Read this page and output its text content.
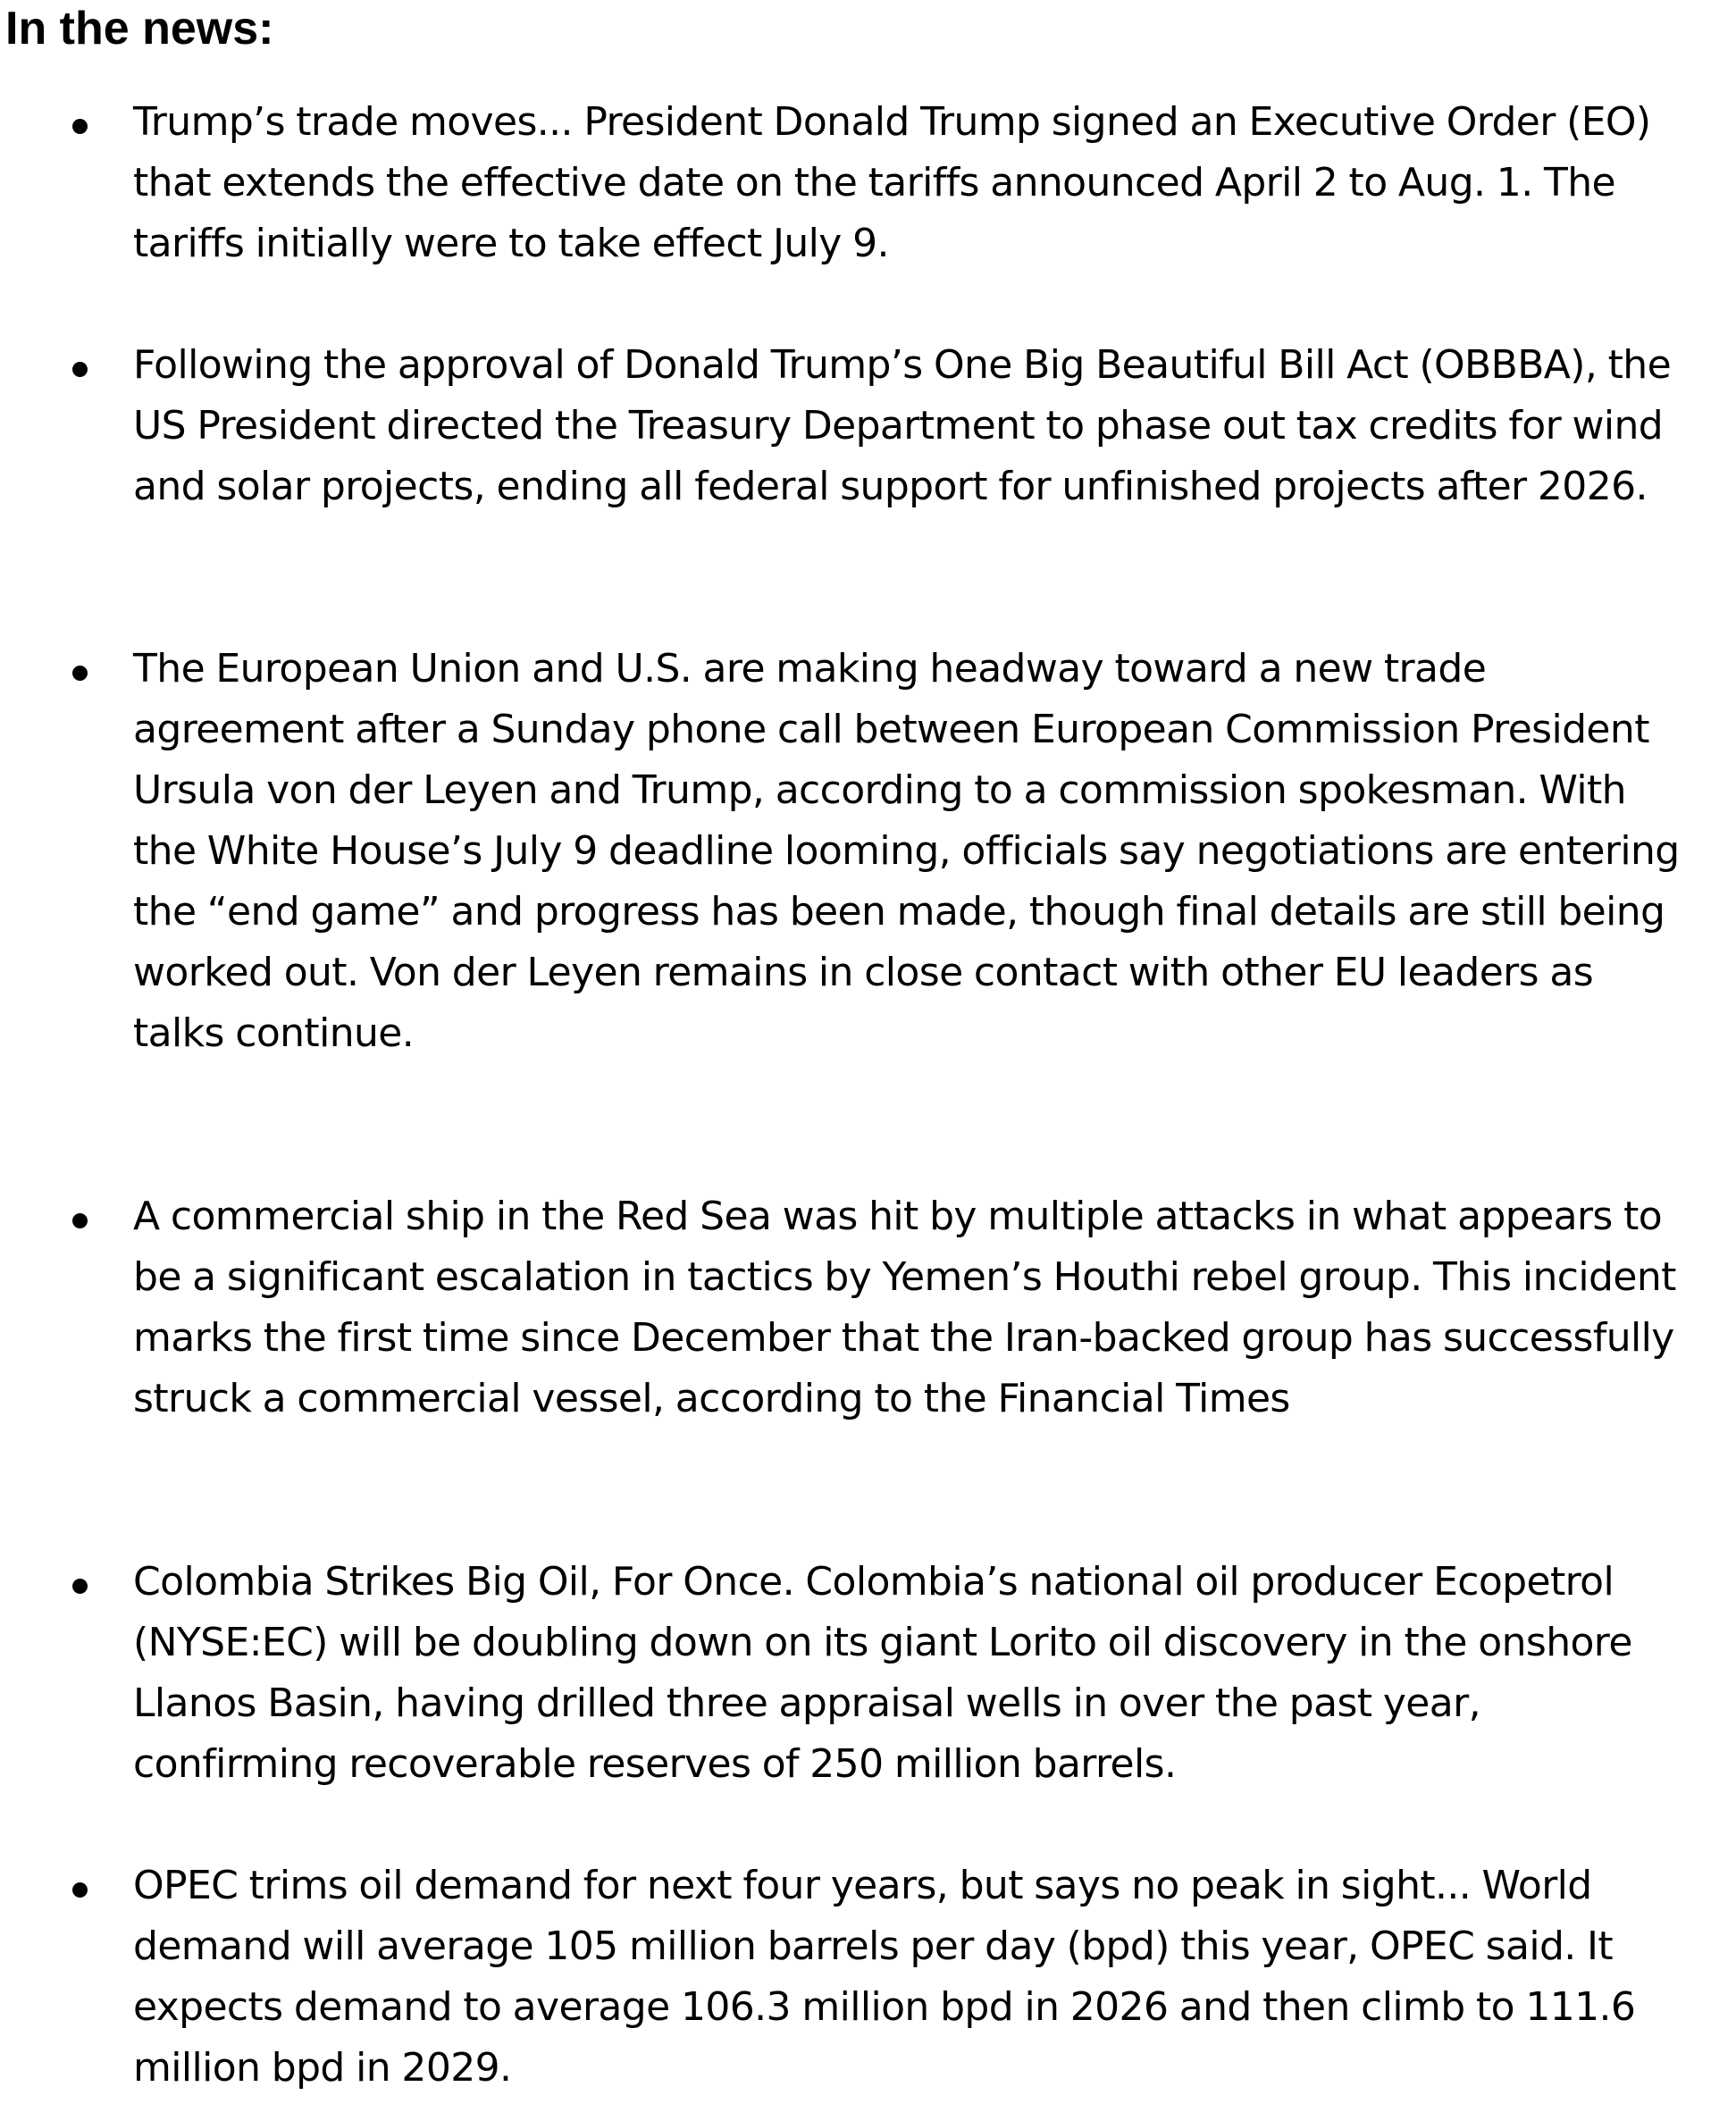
In the news:

Trump’s trade moves... President Donald Trump signed an Executive Order (EO) that extends the effective date on the tariffs announced April 2 to Aug. 1. The tariffs initially were to take effect July 9.

Following the approval of Donald Trump’s One Big Beautiful Bill Act (OBBBA), the US President directed the Treasury Department to phase out tax credits for wind and solar projects, ending all federal support for unfinished projects after 2026.

The European Union and U.S. are making headway toward a new trade agreement after a Sunday phone call between European Commission President Ursula von der Leyen and Trump, according to a commission spokesman. With the White House’s July 9 deadline looming, officials say negotiations are entering the “end game” and progress has been made, though final details are still being worked out. Von der Leyen remains in close contact with other EU leaders as talks continue.

A commercial ship in the Red Sea was hit by multiple attacks in what appears to be a significant escalation in tactics by Yemen’s Houthi rebel group. This incident marks the first time since December that the Iran-backed group has successfully struck a commercial vessel, according to the Financial Times

Colombia Strikes Big Oil, For Once. Colombia’s national oil producer Ecopetrol (NYSE:EC) will be doubling down on its giant Lorito oil discovery in the onshore Llanos Basin, having drilled three appraisal wells in over the past year, confirming recoverable reserves of 250 million barrels.

OPEC trims oil demand for next four years, but says no peak in sight... World demand will average 105 million barrels per day (bpd) this year, OPEC said. It expects demand to average 106.3 million bpd in 2026 and then climb to 111.6 million bpd in 2029.
